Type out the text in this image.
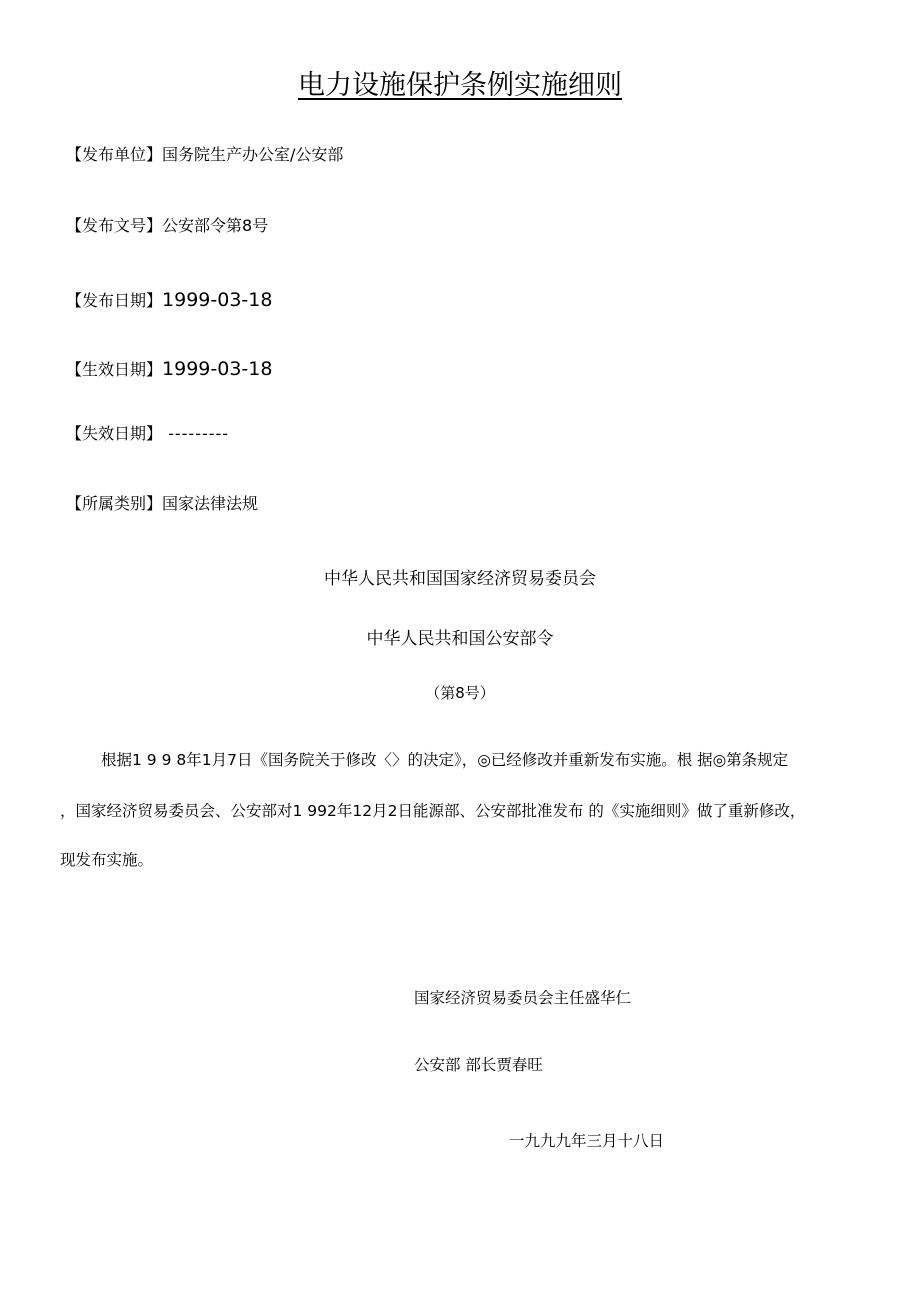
电力设施保护条例实施细则
【发布单位】国务院生产办公室/公安部
【发布文号】公安部令第8号
【发布日期】1999-03-18
【生效日期】1999-03-18
【失效日期】 ---------
【所属类别】国家法律法规
中华人民共和国国家经济贸易委员会
中华人民共和国公安部令
（第8号）
根据1 9 9 8年1月7日《国务院关于修改〈〉的决定》，◎已经修改并重新发布实施。根 据◎第条规定
，国家经济贸易委员会、公安部对1 992年12月2日能源部、公安部批准发布 的《实施细则》做了重新修改，
现发布实施。
国家经济贸易委员会主任盛华仁
公安部 部长贾春旺
一九九九年三月十八日
